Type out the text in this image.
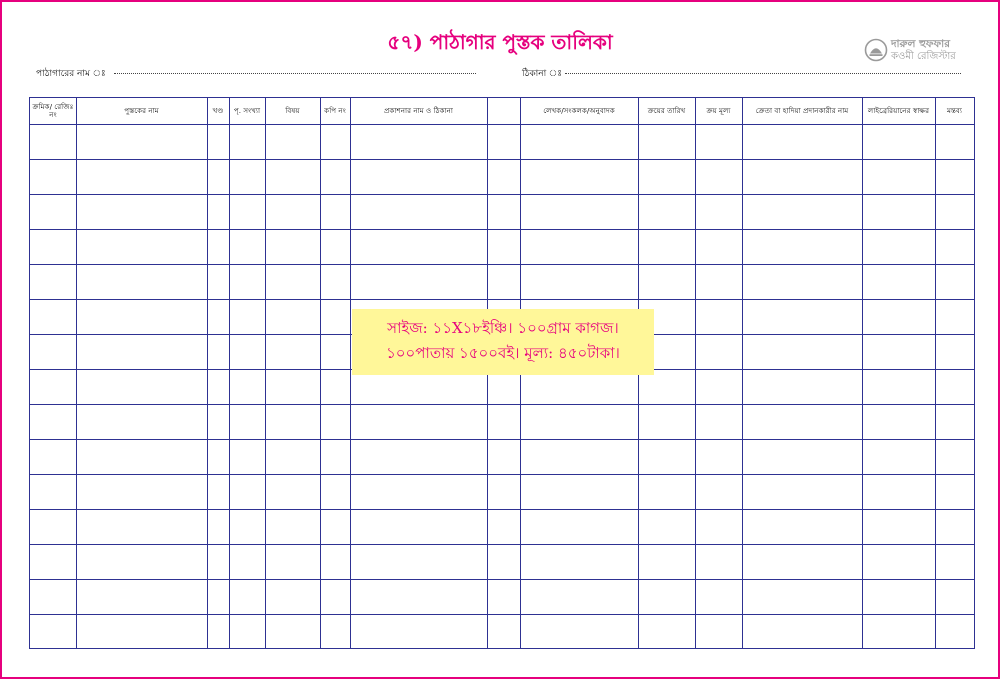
৫৭) পাঠাগার পুস্তক তালিকা	দারুল হুফফার
কওমী রেজিস্টার
পাঠাগারের নাম ঃ	ঠিকানা ঃ
ক্রমিক/ রেজিঃ নং	পুস্তকের নাম	খণ্ড	পৃ. সংখ্যা	বিষয়	কপি নং	প্রকাশনার নাম ও ঠিকানা	লেখক/সংকলক/অনুবাদক	ক্রয়ের তারিখ	ক্রয় মূল্য	ক্রেতা বা হাদিয়া প্রদানকারীর নাম	লাইব্রেরিয়ানের স্বাক্ষর	মন্তব্য
সাইজ: ১১X১৮ইঞ্চি। ১০০গ্রাম কাগজ।
১০০পাতায় ১৫০০বই। মূল্য: ৪৫০টাকা।
